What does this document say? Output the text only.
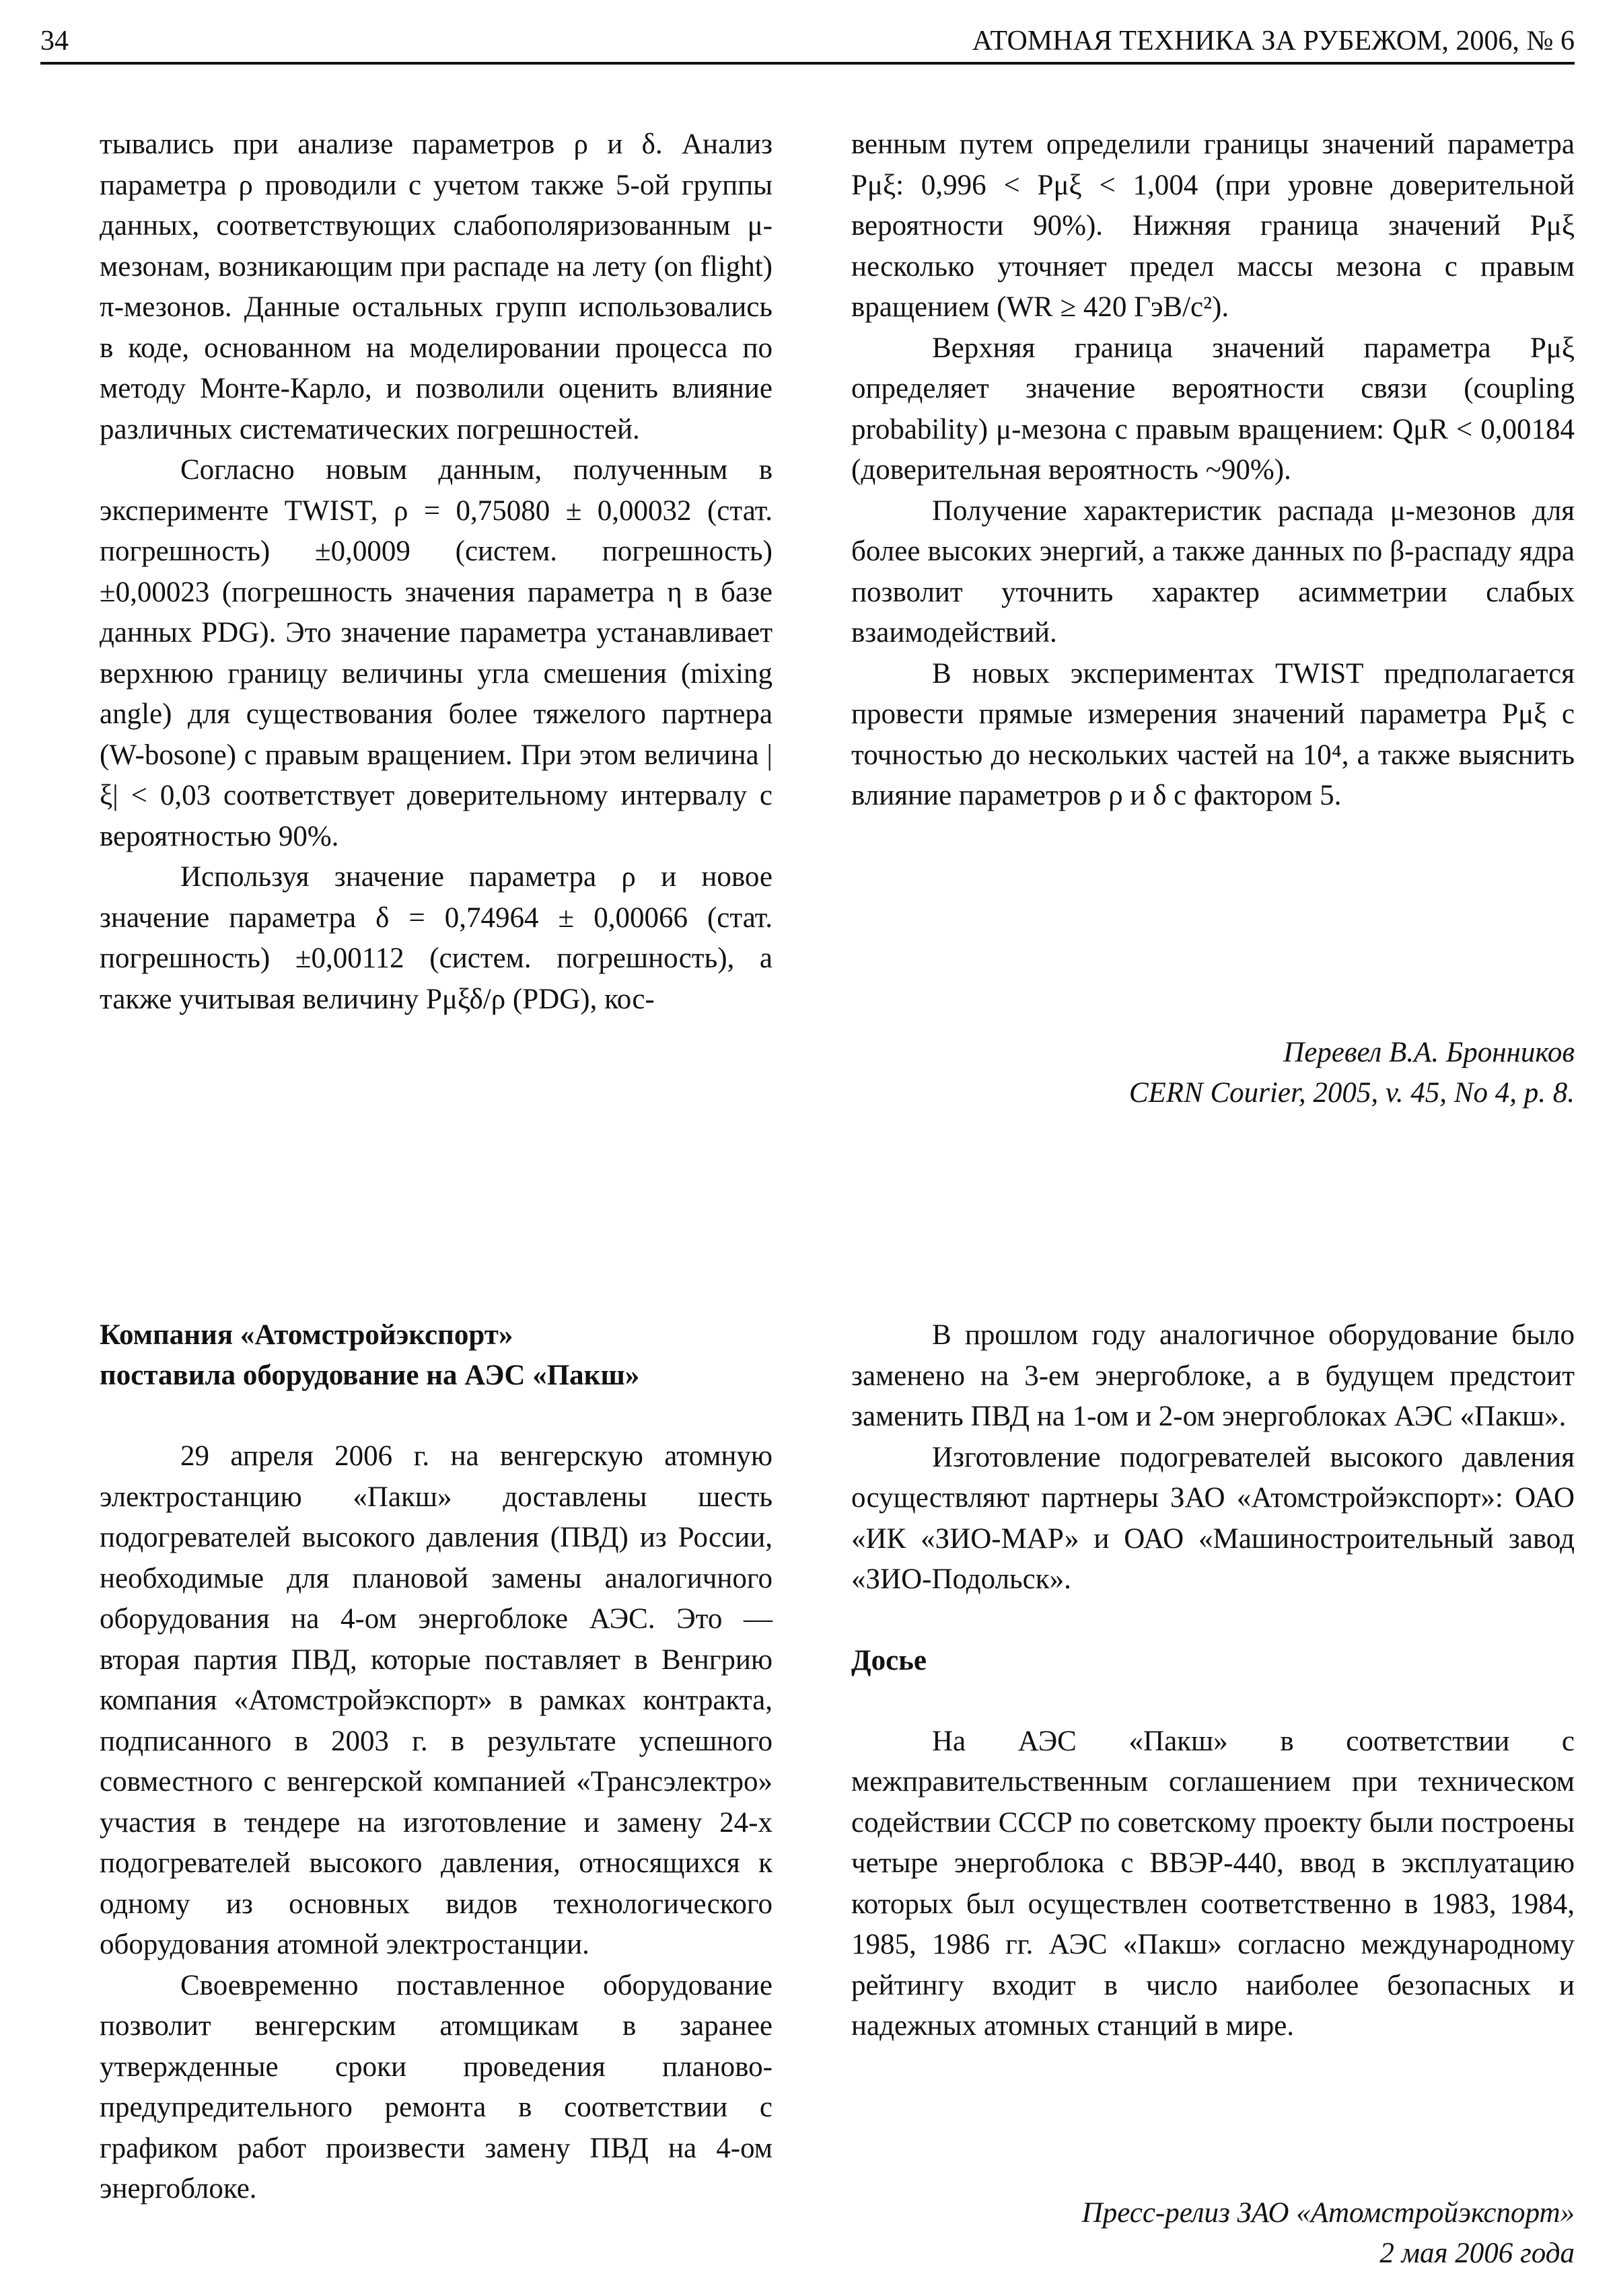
34	АТОМНАЯ ТЕХНИКА ЗА РУБЕЖОМ, 2006, № 6

тывались при анализе параметров ρ и δ. Анализ параметра ρ проводили с учетом также 5-ой группы данных, соответствующих слабополяризованным μ-мезонам, возникающим при распаде на лету (on flight) π-мезонов. Данные остальных групп использовались в коде, основанном на моделировании процесса по методу Монте-Карло, и позволили оценить влияние различных систематических погрешностей.

Согласно новым данным, полученным в эксперименте TWIST, ρ = 0,75080 ± 0,00032 (стат. погрешность) ±0,0009 (систем. погрешность) ±0,00023 (погрешность значения параметра η в базе данных PDG). Это значение параметра устанавливает верхнюю границу величины угла смешения (mixing angle) для существования более тяжелого партнера (W-bosone) с правым вращением. При этом величина |ξ| < 0,03 соответствует доверительному интервалу с вероятностью 90%.

Используя значение параметра ρ и новое значение параметра δ = 0,74964 ± 0,00066 (стат. погрешность) ±0,00112 (систем. погрешность), а также учитывая величину Pμξδ/ρ (PDG), кос-

венным путем определили границы значений параметра Pμξ: 0,996 < Pμξ < 1,004 (при уровне доверительной вероятности 90%). Нижняя граница значений Pμξ несколько уточняет предел массы мезона с правым вращением (WR ≥ 420 ГэВ/c²).

Верхняя граница значений параметра Pμξ определяет значение вероятности связи (coupling probability) μ-мезона с правым вращением: QμR < 0,00184 (доверительная вероятность ~90%).

Получение характеристик распада μ-мезонов для более высоких энергий, а также данных по β-распаду ядра позволит уточнить характер асимметрии слабых взаимодействий.

В новых экспериментах TWIST предполагается провести прямые измерения значений параметра Pμξ с точностью до нескольких частей на 10⁴, а также выяснить влияние параметров ρ и δ с фактором 5.

Перевел В.А. Бронников
CERN Courier, 2005, v. 45, No 4, p. 8.
Компания «Атомстройэкспорт»
поставила оборудование на АЭС «Пакш»

29 апреля 2006 г. на венгерскую атомную электростанцию «Пакш» доставлены шесть подогревателей высокого давления (ПВД) из России, необходимые для плановой замены аналогичного оборудования на 4-ом энергоблоке АЭС. Это — вторая партия ПВД, которые поставляет в Венгрию компания «Атомстройэкспорт» в рамках контракта, подписанного в 2003 г. в результате успешного совместного с венгерской компанией «Трансэлектро» участия в тендере на изготовление и замену 24-х подогревателей высокого давления, относящихся к одному из основных видов технологического оборудования атомной электростанции.

Своевременно поставленное оборудование позволит венгерским атомщикам в заранее утвержденные сроки проведения планово-предупредительного ремонта в соответствии с графиком работ произвести замену ПВД на 4-ом энергоблоке.

В прошлом году аналогичное оборудование было заменено на 3-ем энергоблоке, а в будущем предстоит заменить ПВД на 1-ом и 2-ом энергоблоках АЭС «Пакш».

Изготовление подогревателей высокого давления осуществляют партнеры ЗАО «Атомстройэкспорт»: ОАО «ИК «ЗИО-МАР» и ОАО «Машиностроительный завод «ЗИО-Подольск».

Досье

На АЭС «Пакш» в соответствии с межправительственным соглашением при техническом содействии СССР по советскому проекту были построены четыре энергоблока с ВВЭР-440, ввод в эксплуатацию которых был осуществлен соответственно в 1983, 1984, 1985, 1986 гг. АЭС «Пакш» согласно международному рейтингу входит в число наиболее безопасных и надежных атомных станций в мире.

Пресс-релиз ЗАО «Атомстройэкспорт»
2 мая 2006 года
